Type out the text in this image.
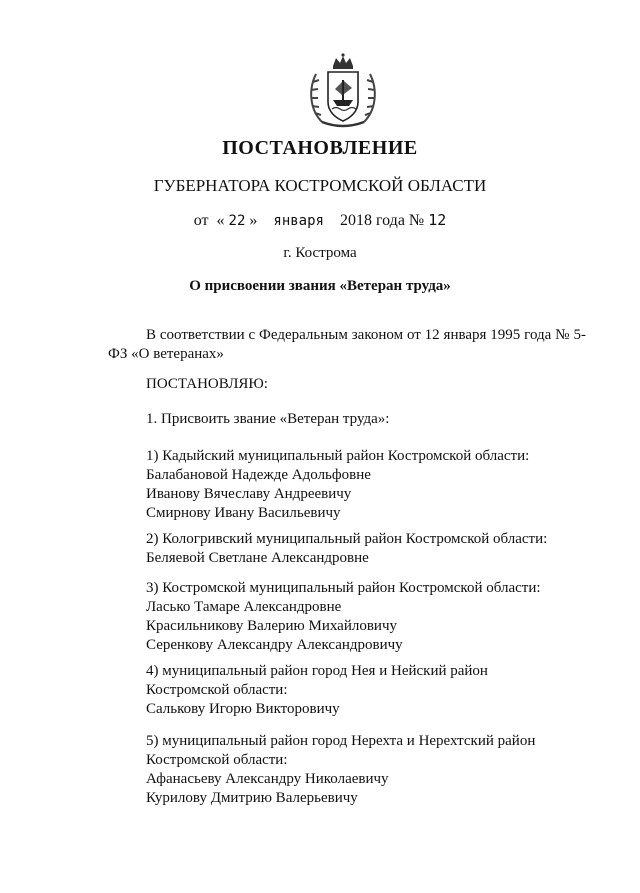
ПОСТАНОВЛЕНИЕ
ГУБЕРНАТОРА КОСТРОМСКОЙ ОБЛАСТИ
от « 22 » января 2018 года № 12
г. Кострома
О присвоении звания «Ветеран труда»
В соответствии с Федеральным законом от 12 января 1995 года № 5-ФЗ «О ветеранах»
ПОСТАНОВЛЯЮ:
1. Присвоить звание «Ветеран труда»:
1) Кадыйский муниципальный район Костромской области:
Балабановой Надежде Адольфовне
Иванову Вячеславу Андреевичу
Смирнову Ивану Васильевичу
2) Кологривский муниципальный район Костромской области:
Беляевой Светлане Александровне
3) Костромской муниципальный район Костромской области:
Ласько Тамаре Александровне
Красильникову Валерию Михайловичу
Серенкову Александру Александровичу
4) муниципальный район город Нея и Нейский район
Костромской области:
Салькову Игорю Викторовичу
5) муниципальный район город Нерехта и Нерехтский район
Костромской области:
Афанасьеву Александру Николаевичу
Курилову Дмитрию Валерьевичу
